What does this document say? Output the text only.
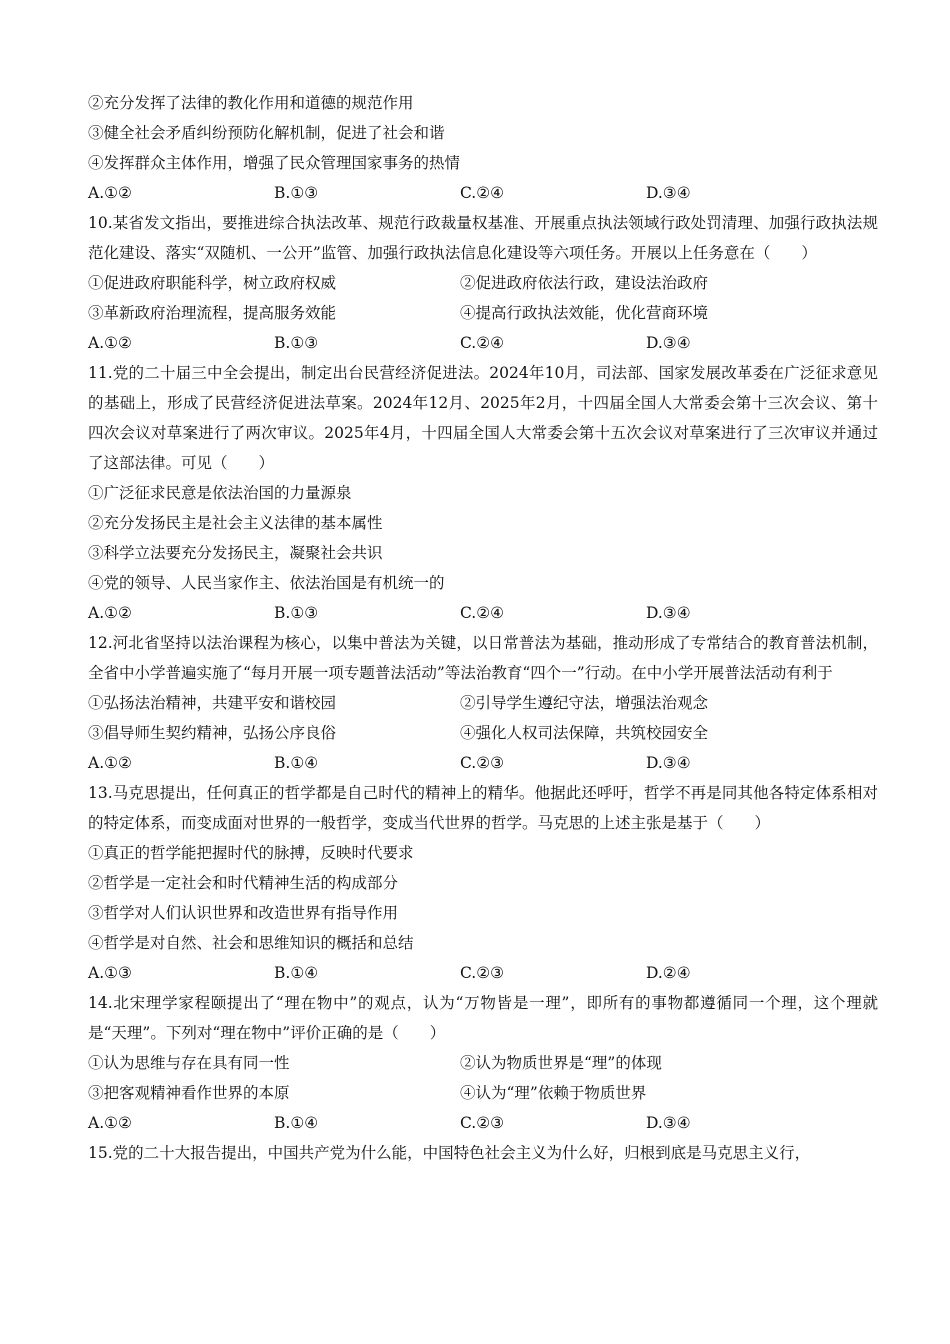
②充分发挥了法律的教化作用和道德的规范作用
③健全社会矛盾纠纷预防化解机制，促进了社会和谐
④发挥群众主体作用，增强了民众管理国家事务的热情
A.①②	B.①③	C.②④	D.③④
10.某省发文指出，要推进综合执法改革、规范行政裁量权基准、开展重点执法领域行政处罚清理、加强行政执法规范化建设、落实“双随机、一公开”监管、加强行政执法信息化建设等六项任务。开展以上任务意在（　　）
①促进政府职能科学，树立政府权威	②促进政府依法行政，建设法治政府
③革新政府治理流程，提高服务效能	④提高行政执法效能，优化营商环境
A.①②	B.①③	C.②④	D.③④
11.党的二十届三中全会提出，制定出台民营经济促进法。2024年10月，司法部、国家发展改革委在广泛征求意见的基础上，形成了民营经济促进法草案。2024年12月、2025年2月，十四届全国人大常委会第十三次会议、第十四次会议对草案进行了两次审议。2025年4月，十四届全国人大常委会第十五次会议对草案进行了三次审议并通过了这部法律。可见（　　）
①广泛征求民意是依法治国的力量源泉
②充分发扬民主是社会主义法律的基本属性
③科学立法要充分发扬民主，凝聚社会共识
④党的领导、人民当家作主、依法治国是有机统一的
A.①②	B.①③	C.②④	D.③④
12.河北省坚持以法治课程为核心，以集中普法为关键，以日常普法为基础，推动形成了专常结合的教育普法机制，全省中小学普遍实施了“每月开展一项专题普法活动”等法治教育“四个一”行动。在中小学开展普法活动有利于
①弘扬法治精神，共建平安和谐校园	②引导学生遵纪守法，增强法治观念
③倡导师生契约精神，弘扬公序良俗	④强化人权司法保障，共筑校园安全
A.①②	B.①④	C.②③	D.③④
13.马克思提出，任何真正的哲学都是自己时代的精神上的精华。他据此还呼吁，哲学不再是同其他各特定体系相对的特定体系，而变成面对世界的一般哲学，变成当代世界的哲学。马克思的上述主张是基于（　　）
①真正的哲学能把握时代的脉搏，反映时代要求
②哲学是一定社会和时代精神生活的构成部分
③哲学对人们认识世界和改造世界有指导作用
④哲学是对自然、社会和思维知识的概括和总结
A.①③	B.①④	C.②③	D.②④
14.北宋理学家程颐提出了“理在物中”的观点，认为“万物皆是一理”，即所有的事物都遵循同一个理，这个理就是“天理”。下列对“理在物中”评价正确的是（　　）
①认为思维与存在具有同一性	②认为物质世界是“理”的体现
③把客观精神看作世界的本原	④认为“理”依赖于物质世界
A.①②	B.①④	C.②③	D.③④
15.党的二十大报告提出，中国共产党为什么能，中国特色社会主义为什么好，归根到底是马克思主义行，
